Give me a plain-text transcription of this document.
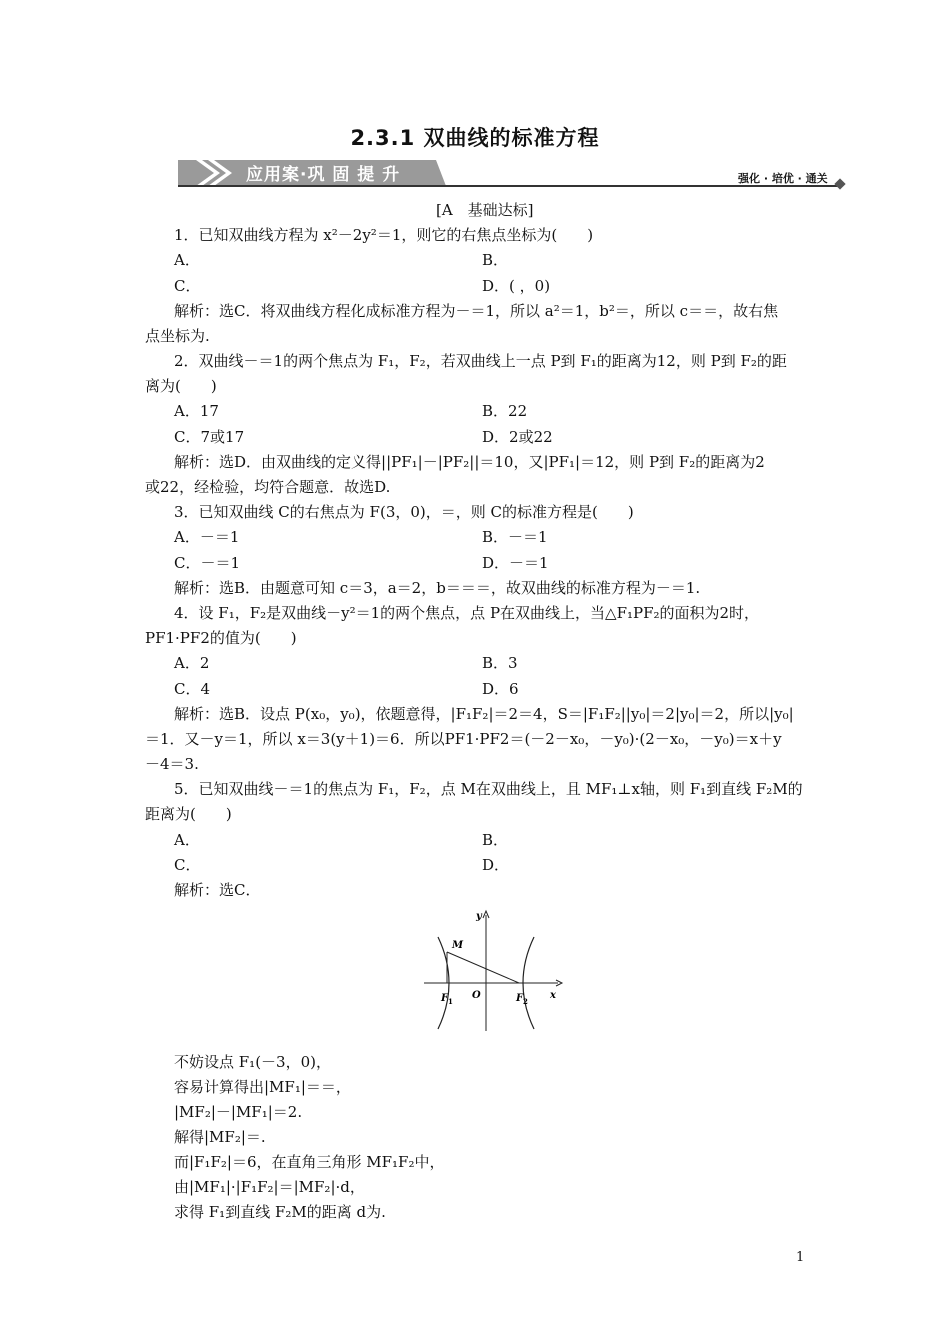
2.3.1 双曲线的标准方程
应用案·巩 固 提 升	强化 · 培优 · 通关
[A　基础达标]
1．已知双曲线方程为 x²－2y²＝1，则它的右焦点坐标为(　　)
A．	B．
C．	D．( ，0)
解析：选C．将双曲线方程化成标准方程为－＝1，所以 a²＝1，b²＝，所以 c＝＝，故右焦
点坐标为.
2．双曲线－＝1的两个焦点为 F₁，F₂，若双曲线上一点 P到 F₁的距离为12，则 P到 F₂的距
离为(　　)
A．17	B．22
C．7或17	D．2或22
解析：选D．由双曲线的定义得||PF₁|－|PF₂||＝10，又|PF₁|＝12，则 P到 F₂的距离为2
或22，经检验，均符合题意．故选D.
3．已知双曲线 C的右焦点为 F(3，0)，＝，则 C的标准方程是(　　)
A．－＝1	B．－＝1
C．－＝1	D．－＝1
解析：选B．由题意可知 c＝3，a＝2，b＝＝＝，故双曲线的标准方程为－＝1.
4．设 F₁，F₂是双曲线－y²＝1的两个焦点，点 P在双曲线上，当△F₁PF₂的面积为2时，
PF1·PF2的值为(　　)
A．2	B．3
C．4	D．6
解析：选B．设点 P(x₀，y₀)，依题意得，|F₁F₂|＝2＝4，S＝|F₁F₂||y₀|＝2|y₀|＝2，所以|y₀|
＝1．又－y＝1，所以 x＝3(y＋1)＝6．所以PF1·PF2＝(－2－x₀，－y₀)·(2－x₀，－y₀)＝x＋y
－4＝3.
5．已知双曲线－＝1的焦点为 F₁，F₂，点 M在双曲线上，且 MF₁⊥x轴，则 F₁到直线 F₂M的
距离为(　　)
A．	B．
C．	D．
解析：选C．
y
x
M
O
F 1	F 2
不妨设点 F₁(－3，0)，
容易计算得出|MF₁|＝＝，
|MF₂|－|MF₁|＝2.
解得|MF₂|＝.
而|F₁F₂|＝6，在直角三角形 MF₁F₂中，
由|MF₁|·|F₁F₂|＝|MF₂|·d，
求得 F₁到直线 F₂M的距离 d为.
1
